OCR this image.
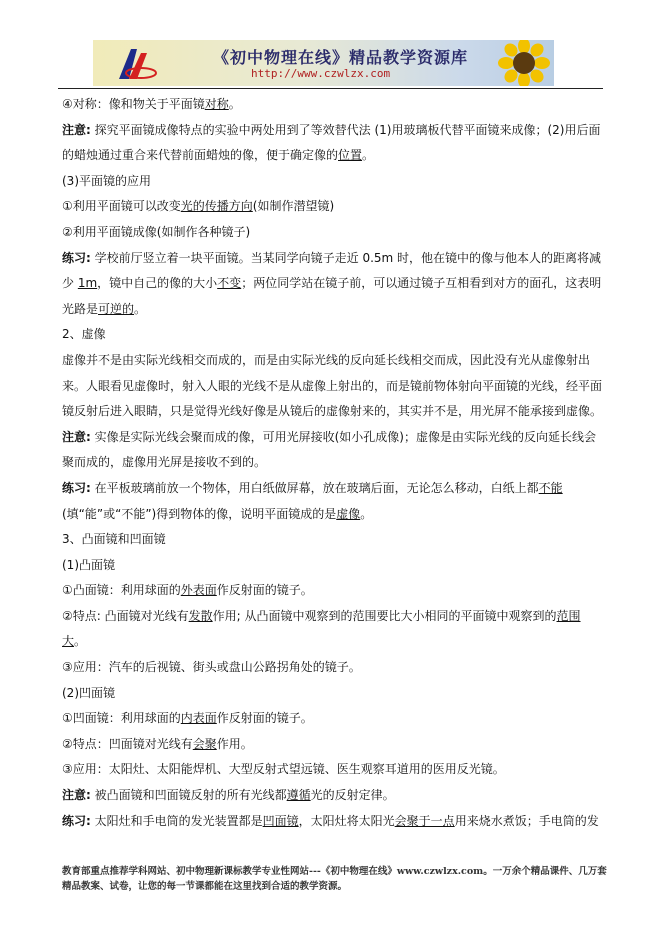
《初中物理在线》精品教学资源库
http://www.czwlzx.com

④对称：像和物关于平面镜对称。

注意: 探究平面镜成像特点的实验中两处用到了等效替代法 (1)用玻璃板代替平面镜来成像；(2)用后面的蜡烛通过重合来代替前面蜡烛的像，便于确定像的位置。

(3)平面镜的应用

①利用平面镜可以改变光的传播方向(如制作潜望镜)

②利用平面镜成像(如制作各种镜子)

练习: 学校前厅竖立着一块平面镜。当某同学向镜子走近 0.5m 时，他在镜中的像与他本人的距离将减少 1m，镜中自己的像的大小不变；两位同学站在镜子前，可以通过镜子互相看到对方的面孔，这表明光路是可逆的。

2、虚像

虚像并不是由实际光线相交而成的，而是由实际光线的反向延长线相交而成，因此没有光从虚像射出来。人眼看见虚像时，射入人眼的光线不是从虚像上射出的，而是镜前物体射向平面镜的光线，经平面镜反射后进入眼睛，只是觉得光线好像是从镜后的虚像射来的，其实并不是，用光屏不能承接到虚像。

注意: 实像是实际光线会聚而成的像，可用光屏接收(如小孔成像)；虚像是由实际光线的反向延长线会聚而成的，虚像用光屏是接收不到的。

练习: 在平板玻璃前放一个物体，用白纸做屏幕，放在玻璃后面，无论怎么移动，白纸上都不能(填“能”或“不能”)得到物体的像，说明平面镜成的是虚像。

3、凸面镜和凹面镜

(1)凸面镜

①凸面镜：利用球面的外表面作反射面的镜子。

②特点: 凸面镜对光线有发散作用; 从凸面镜中观察到的范围要比大小相同的平面镜中观察到的范围大。

③应用：汽车的后视镜、街头或盘山公路拐角处的镜子。

(2)凹面镜

①凹面镜：利用球面的内表面作反射面的镜子。

②特点：凹面镜对光线有会聚作用。

③应用：太阳灶、太阳能焊机、大型反射式望远镜、医生观察耳道用的医用反光镜。

注意: 被凸面镜和凹面镜反射的所有光线都遵循光的反射定律。

练习: 太阳灶和手电筒的发光装置都是凹面镜，太阳灶将太阳光会聚于一点用来烧水煮饭；手电筒的发

教育部重点推荐学科网站、初中物理新课标教学专业性网站---《初中物理在线》www.czwlzx.com。一万余个精品课件、几万套精品教案、试卷，让您的每一节课都能在这里找到合适的教学资源。
